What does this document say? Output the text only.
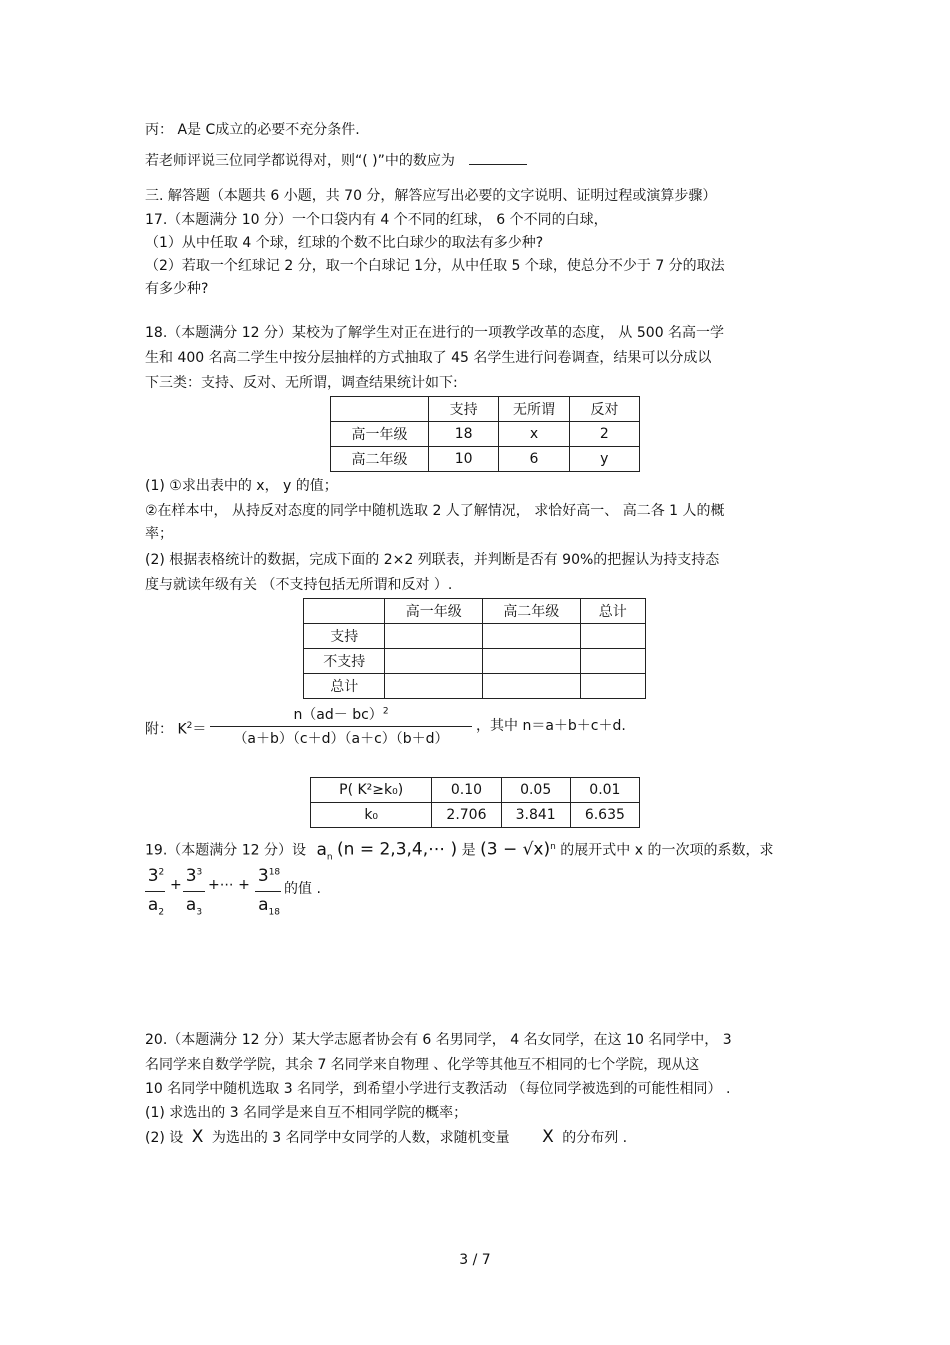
丙： A是 C成立的必要不充分条件.
若老师评说三位同学都说得对，则“( )”中的数应为
三. 解答题（本题共 6 小题，共 70 分，解答应写出必要的文字说明、证明过程或演算步骤）
17.（本题满分 10 分）一个口袋内有 4 个不同的红球， 6 个不同的白球，
（1）从中任取 4 个球，红球的个数不比白球少的取法有多少种?
（2）若取一个红球记 2 分，取一个白球记 1分，从中任取 5 个球，使总分不少于 7 分的取法
有多少种?
18.（本题满分 12 分）某校为了解学生对正在进行的一项教学改革的态度， 从 500 名高一学
生和 400 名高二学生中按分层抽样的方式抽取了 45 名学生进行问卷调查，结果可以分成以
下三类：支持、反对、无所谓，调查结果统计如下:
	支持	无所谓	反对
高一年级	18	x	2
高二年级	10	6	y
(1) ①求出表中的 x， y 的值；
②在样本中， 从持反对态度的同学中随机选取 2 人了解情况， 求恰好高一、 高二各 1 人的概
率；
(2) 根据表格统计的数据，完成下面的 2×2 列联表，并判断是否有 90%的把握认为持支持态
度与就读年级有关 （不支持包括无所谓和反对 ）.
	高一年级	高二年级	总计
支持			
不支持			
总计			
附： $K^2=$
n（ad－ bc）$^2$
（a＋b）（c＋d）（a＋c）（b＋d）
，其中 n＝a＋b＋c＋d.
P( K²≥k₀)	0.10	0.05	0.01
k₀	2.706	3.841	6.635
19.（本题满分 12 分）设 $a_n$ (n = 2,3,4,⋯ ) 是 $(3 - √x)^n$ 的展开式中 x 的一次项的系数，求
$3^2$
$a_2$
+ $3^3$
$a_3$
+⋯ + $3^{18}$
$a_{18}$
的值 .
20.（本题满分 12 分）某大学志愿者协会有 6 名男同学， 4 名女同学，在这 10 名同学中， 3
名同学来自数学学院，其余 7 名同学来自物理 、化学等其他互不相同的七个学院，现从这
10 名同学中随机选取 3 名同学，到希望小学进行支教活动 （每位同学被选到的可能性相同） .
(1) 求选出的 3 名同学是来自互不相同学院的概率；
(2) 设 X 为选出的 3 名同学中女同学的人数，求随机变量 X 的分布列 .
3 / 7
